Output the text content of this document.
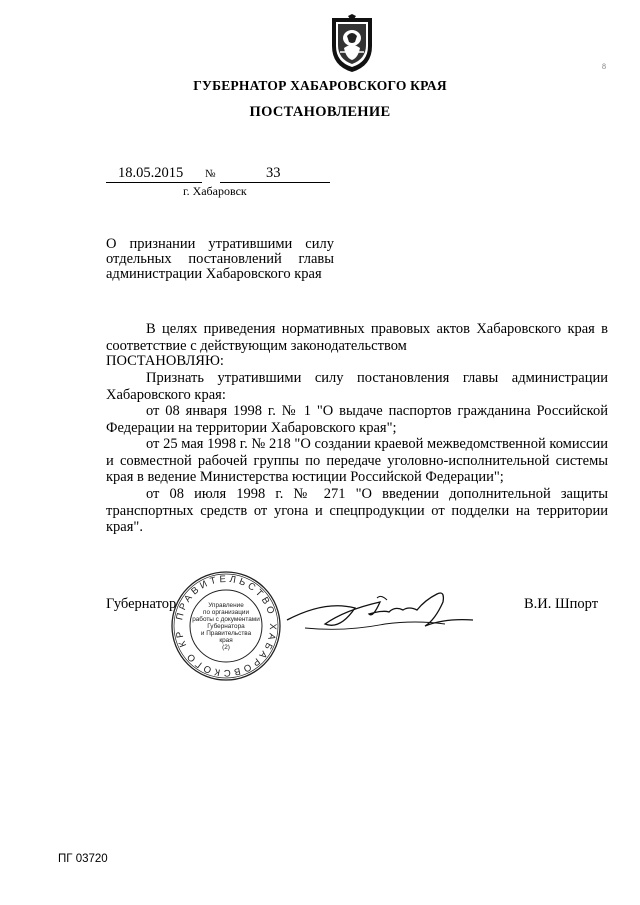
8
ГУБЕРНАТОР ХАБАРОВСКОГО КРАЯ
ПОСТАНОВЛЕНИЕ
18.05.2015 №	33
г. Хабаровск
О признании утратившими силу
отдельных постановлений главы
администрации Хабаровского края
В целях приведения нормативных правовых актов Хабаровского края в соответствие с действующим законодательством
ПОСТАНОВЛЯЮ:
Признать утратившими силу постановления главы администрации Хабаровского края:
от 08 января 1998 г. № 1 "О выдаче паспортов гражданина Российской Федерации на территории Хабаровского края";
от 25 мая 1998 г. № 218 "О создании краевой межведомственной комиссии и совместной рабочей группы по передаче уголовно-исполнительной системы края в ведение Министерства юстиции Российской Федерации";
от 08 июля 1998 г. № 271 "О введении дополнительной защиты транспортных средств от угона и спецпродукции от подделки на территории края".
Губернатор	В.И. Шпорт
ПРАВИТЕЛЬСТВО ХАБАРОВСКОГО КР
Управление
по организации
работы с документами
Губернатора
и Правительства
края
(2)
ПГ 03720
